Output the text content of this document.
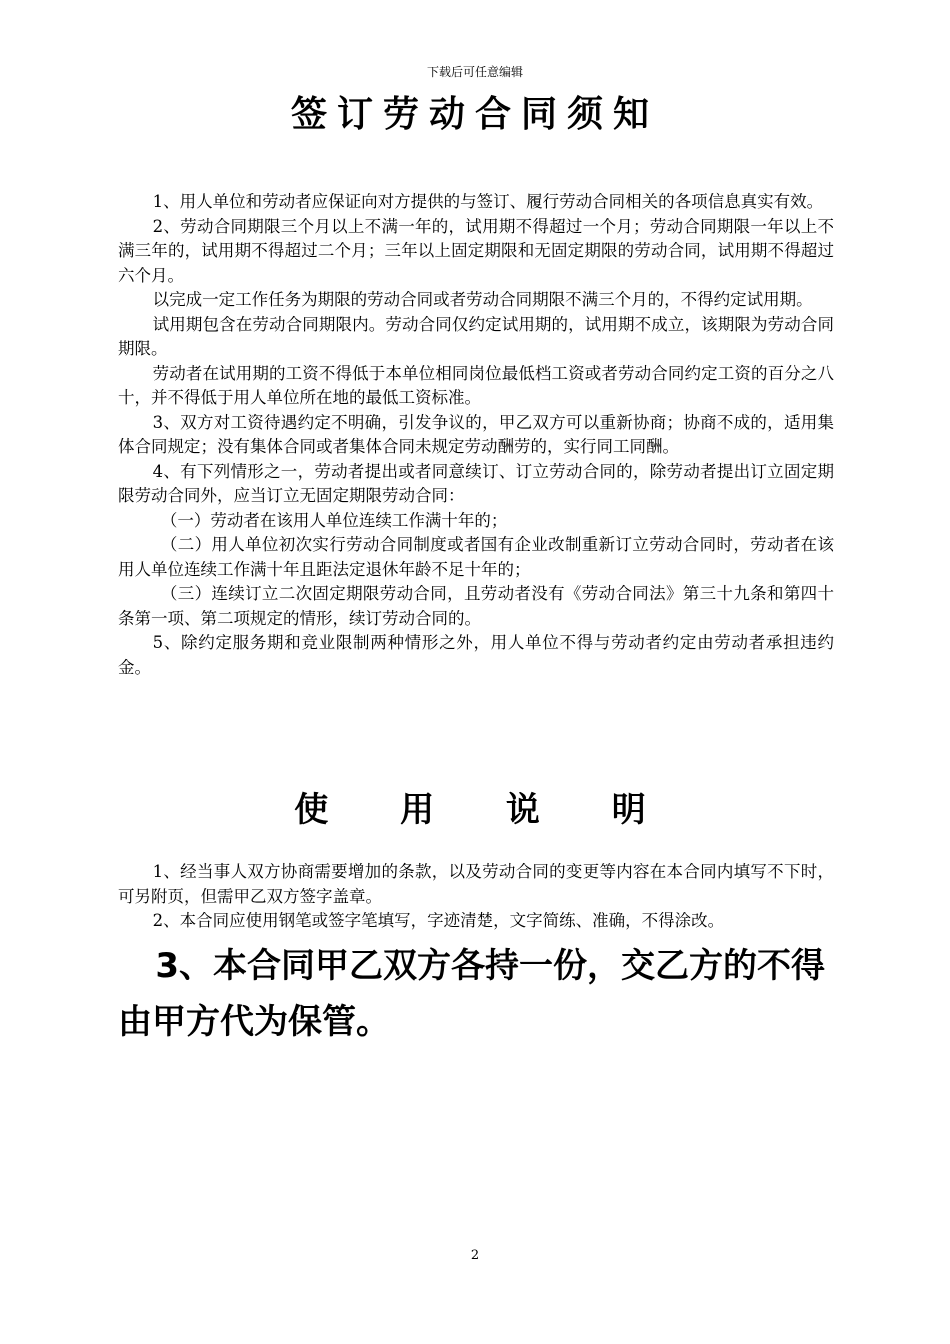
下载后可任意编辑
签订劳动合同须知

1、用人单位和劳动者应保证向对方提供的与签订、履行劳动合同相关的各项信息真实有效。

2、劳动合同期限三个月以上不满一年的，试用期不得超过一个月；劳动合同期限一年以上不满三年的，试用期不得超过二个月；三年以上固定期限和无固定期限的劳动合同，试用期不得超过六个月。

以完成一定工作任务为期限的劳动合同或者劳动合同期限不满三个月的，不得约定试用期。

试用期包含在劳动合同期限内。劳动合同仅约定试用期的，试用期不成立，该期限为劳动合同期限。

劳动者在试用期的工资不得低于本单位相同岗位最低档工资或者劳动合同约定工资的百分之八十，并不得低于用人单位所在地的最低工资标准。

3、双方对工资待遇约定不明确，引发争议的，甲乙双方可以重新协商；协商不成的，适用集体合同规定；没有集体合同或者集体合同未规定劳动酬劳的，实行同工同酬。

4、有下列情形之一，劳动者提出或者同意续订、订立劳动合同的，除劳动者提出订立固定期限劳动合同外，应当订立无固定期限劳动合同：

（一）劳动者在该用人单位连续工作满十年的；

（二）用人单位初次实行劳动合同制度或者国有企业改制重新订立劳动合同时，劳动者在该用人单位连续工作满十年且距法定退休年龄不足十年的；

（三）连续订立二次固定期限劳动合同，且劳动者没有《劳动合同法》第三十九条和第四十条第一项、第二项规定的情形，续订劳动合同的。

5、除约定服务期和竞业限制两种情形之外，用人单位不得与劳动者约定由劳动者承担违约金。

使 用 说 明

1、经当事人双方协商需要增加的条款，以及劳动合同的变更等内容在本合同内填写不下时，可另附页，但需甲乙双方签字盖章。

2、本合同应使用钢笔或签字笔填写，字迹清楚，文字简练、准确，不得涂改。

3、本合同甲乙双方各持一份，交乙方的不得由甲方代为保管。

2
